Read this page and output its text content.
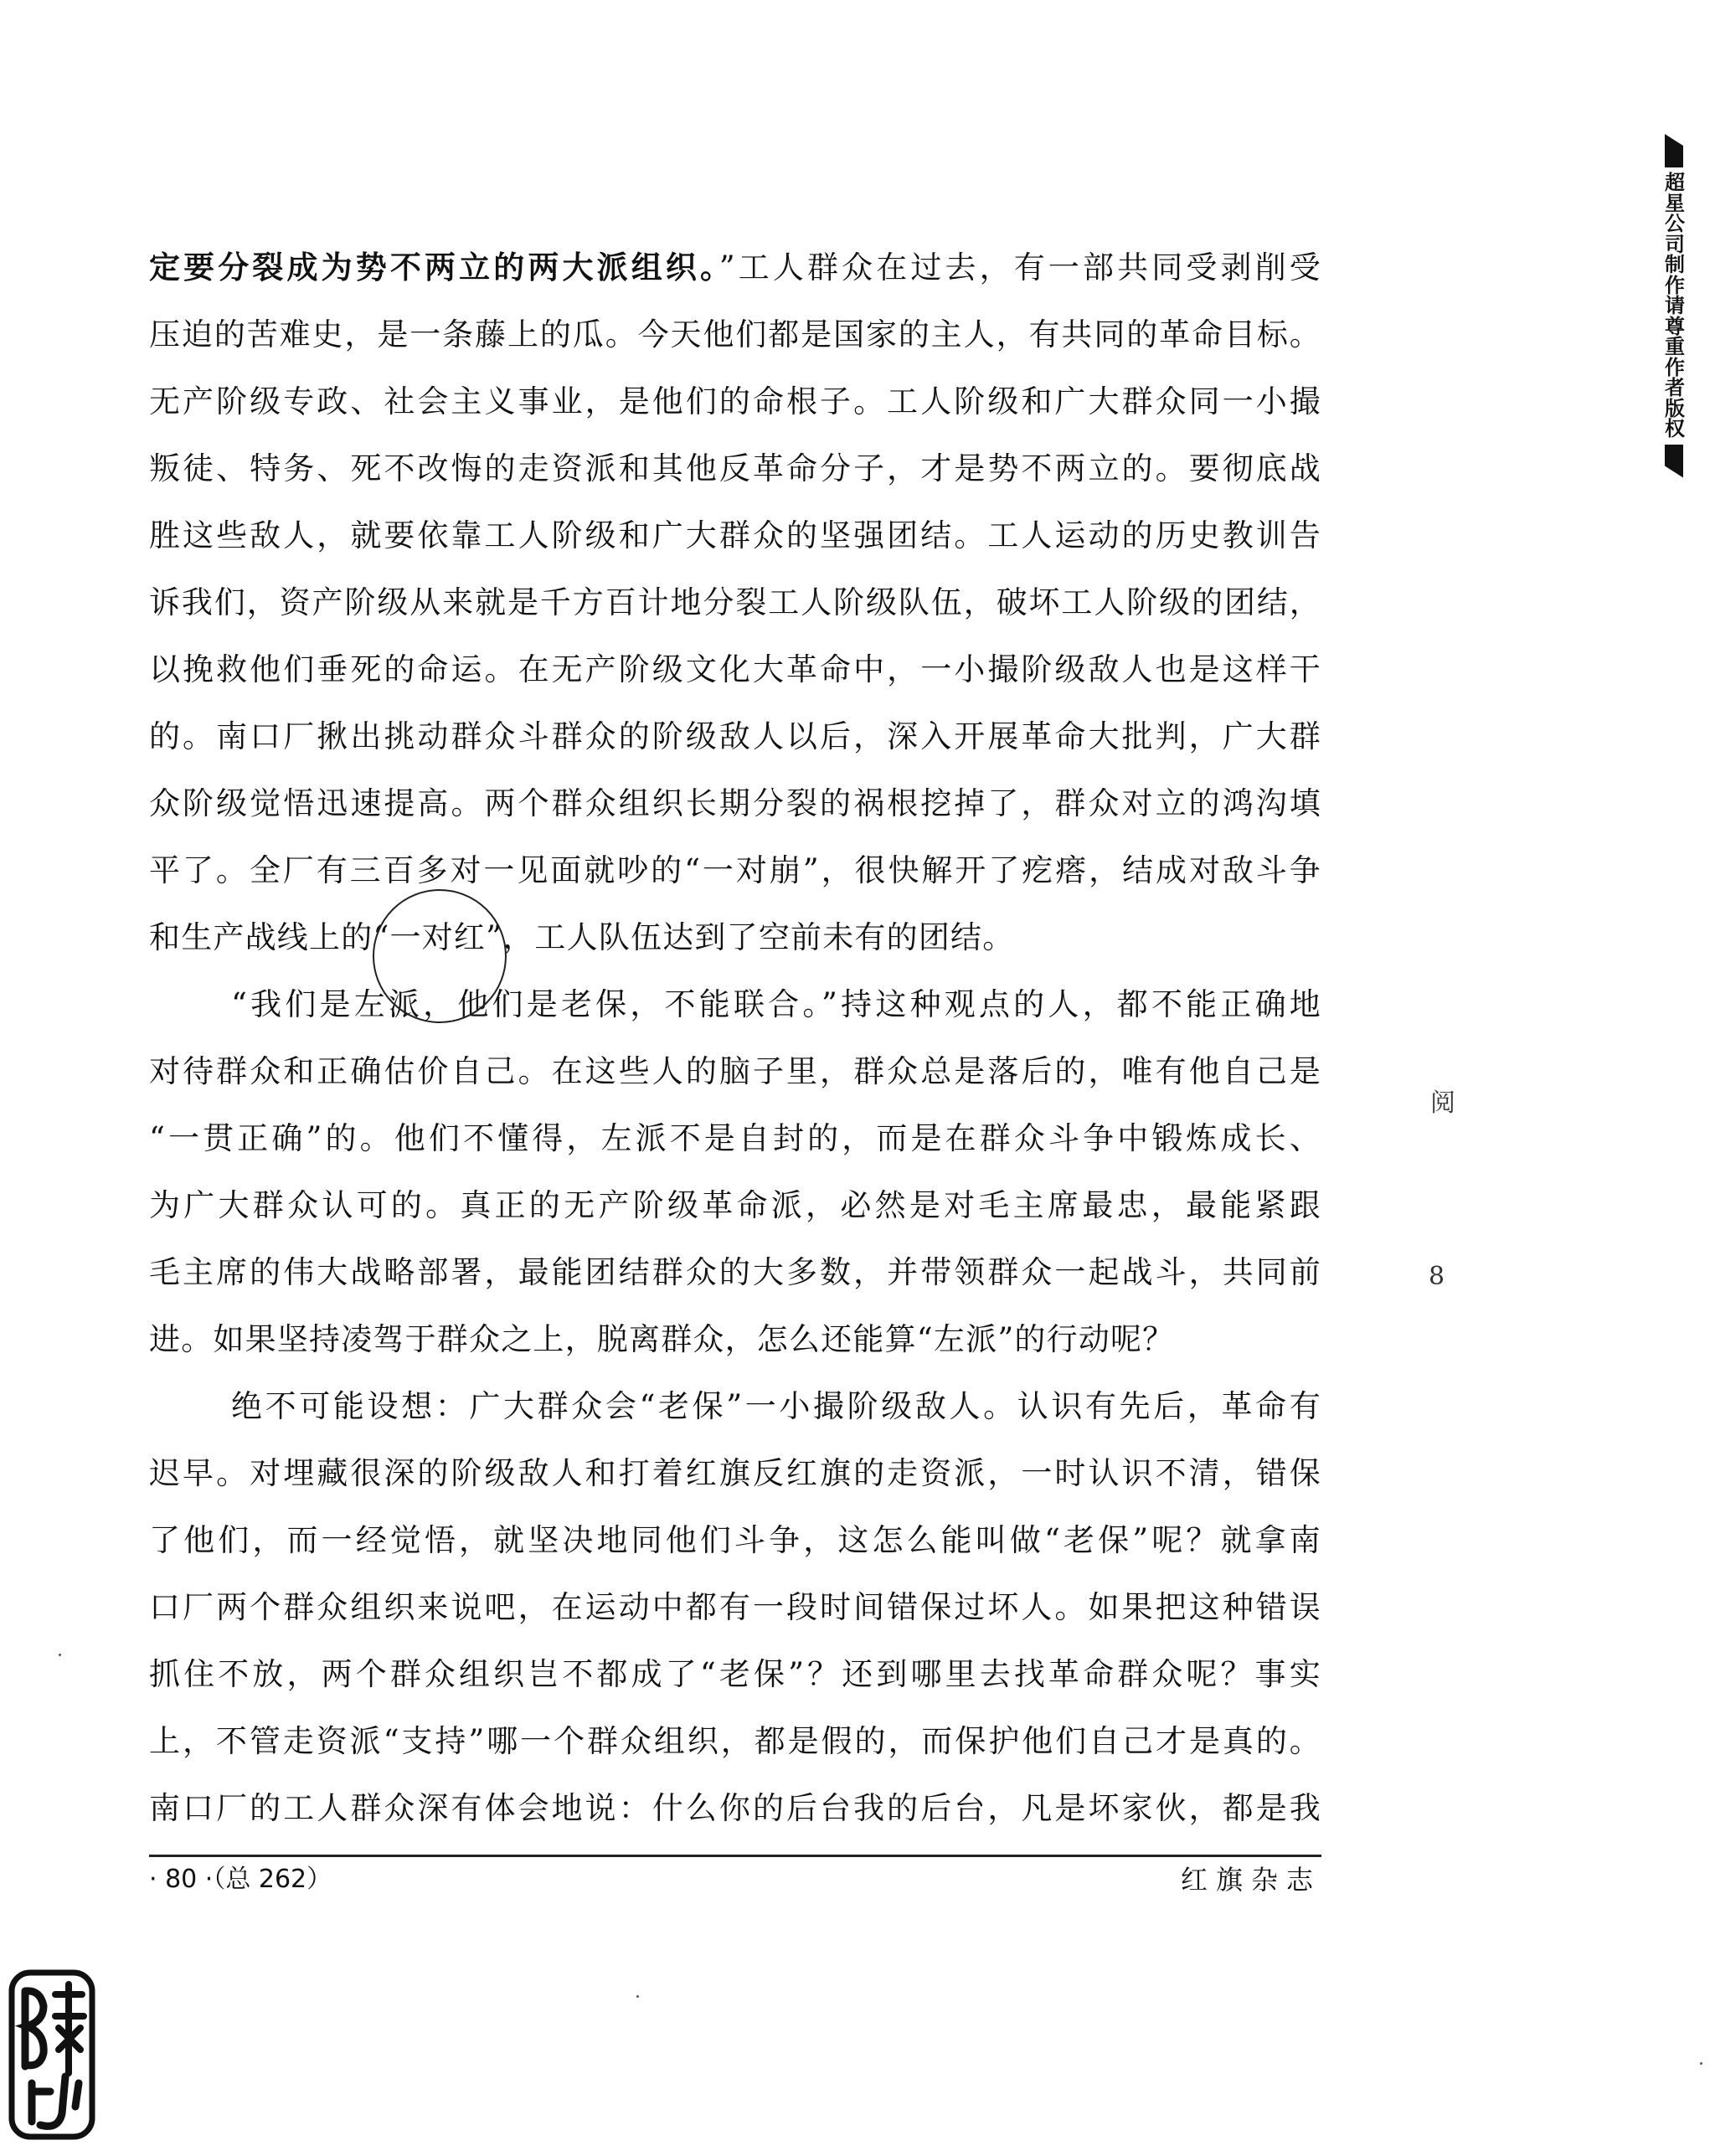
超星公司制作请尊重作者版权
定要分裂成为势不两立的两大派组织。”工人群众在过去，有一部共同受剥削受
压迫的苦难史，是一条藤上的瓜。今天他们都是国家的主人，有共同的革命目标。
无产阶级专政、社会主义事业，是他们的命根子。工人阶级和广大群众同一小撮
叛徒、特务、死不改悔的走资派和其他反革命分子，才是势不两立的。要彻底战
胜这些敌人，就要依靠工人阶级和广大群众的坚强团结。工人运动的历史教训告
诉我们，资产阶级从来就是千方百计地分裂工人阶级队伍，破坏工人阶级的团结，
以挽救他们垂死的命运。在无产阶级文化大革命中，一小撮阶级敌人也是这样干
的。南口厂揪出挑动群众斗群众的阶级敌人以后，深入开展革命大批判，广大群
众阶级觉悟迅速提高。两个群众组织长期分裂的祸根挖掉了，群众对立的鸿沟填
平了。全厂有三百多对一见面就吵的“一对崩”，很快解开了疙瘩，结成对敌斗争
和生产战线上的“一对红”，工人队伍达到了空前未有的团结。
“我们是左派，他们是老保，不能联合。”持这种观点的人，都不能正确地
对待群众和正确估价自己。在这些人的脑子里，群众总是落后的，唯有他自己是
“一贯正确”的。他们不懂得，左派不是自封的，而是在群众斗争中锻炼成长、
为广大群众认可的。真正的无产阶级革命派，必然是对毛主席最忠，最能紧跟
毛主席的伟大战略部署，最能团结群众的大多数，并带领群众一起战斗，共同前
进。如果坚持凌驾于群众之上，脱离群众，怎么还能算“左派”的行动呢？
绝不可能设想：广大群众会“老保”一小撮阶级敌人。认识有先后，革命有
迟早。对埋藏很深的阶级敌人和打着红旗反红旗的走资派，一时认识不清，错保
了他们，而一经觉悟，就坚决地同他们斗争，这怎么能叫做“老保”呢？就拿南
口厂两个群众组织来说吧，在运动中都有一段时间错保过坏人。如果把这种错误
抓住不放，两个群众组织岂不都成了“老保”？还到哪里去找革命群众呢？事实
上，不管走资派“支持”哪一个群众组织，都是假的，而保护他们自己才是真的。
南口厂的工人群众深有体会地说：什么你的后台我的后台，凡是坏家伙，都是我
阅
8
· 80 ·（总 262）	红旗杂志
